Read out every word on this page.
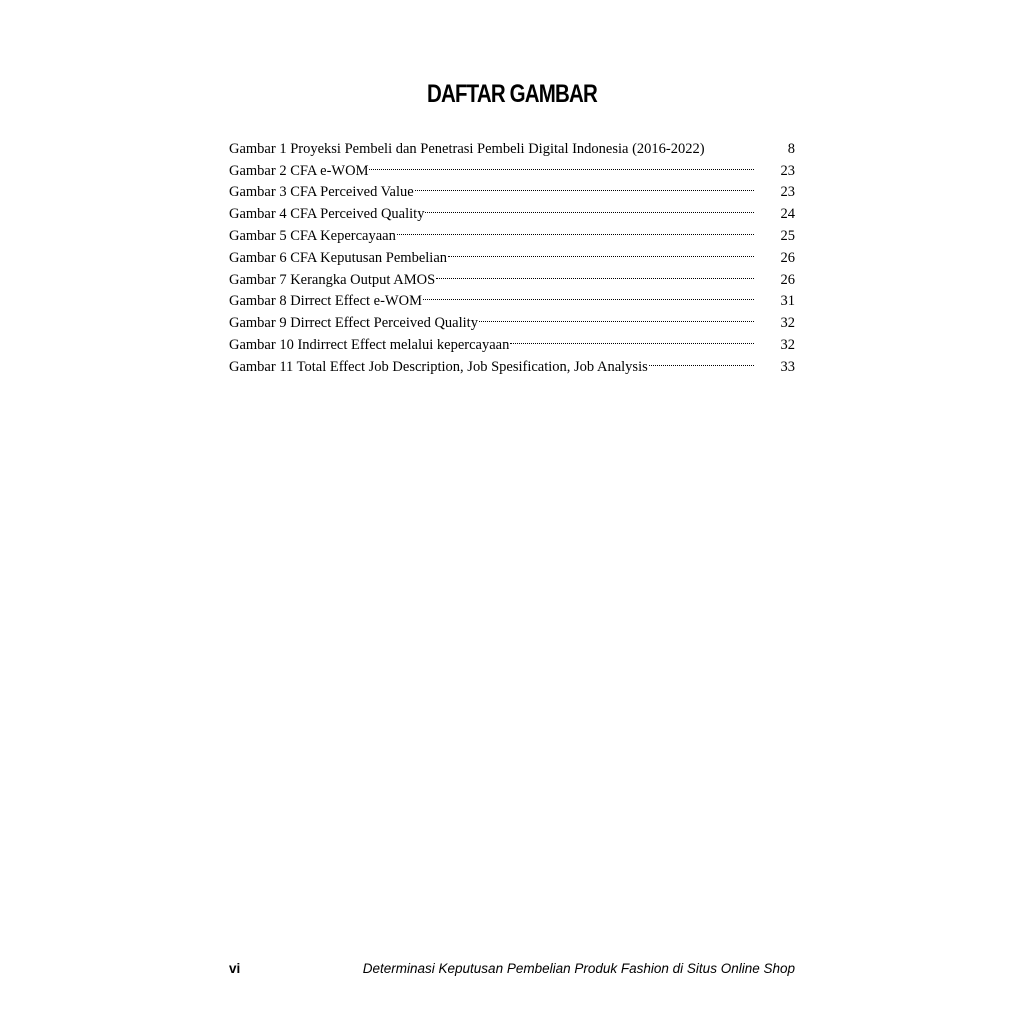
DAFTAR GAMBAR
Gambar 1 Proyeksi Pembeli dan Penetrasi Pembeli Digital Indonesia (2016-2022)	8
Gambar 2 CFA e-WOM	23
Gambar 3 CFA Perceived Value	23
Gambar 4 CFA Perceived Quality	24
Gambar 5 CFA Kepercayaan	25
Gambar 6 CFA Keputusan Pembelian	26
Gambar 7 Kerangka Output AMOS	26
Gambar 8 Dirrect Effect e-WOM	31
Gambar 9 Dirrect Effect Perceived Quality	32
Gambar 10 Indirrect Effect melalui kepercayaan	32
Gambar 11 Total Effect Job Description, Job Spesification, Job Analysis	33
vi	Determinasi Keputusan Pembelian Produk Fashion di Situs Online Shop
